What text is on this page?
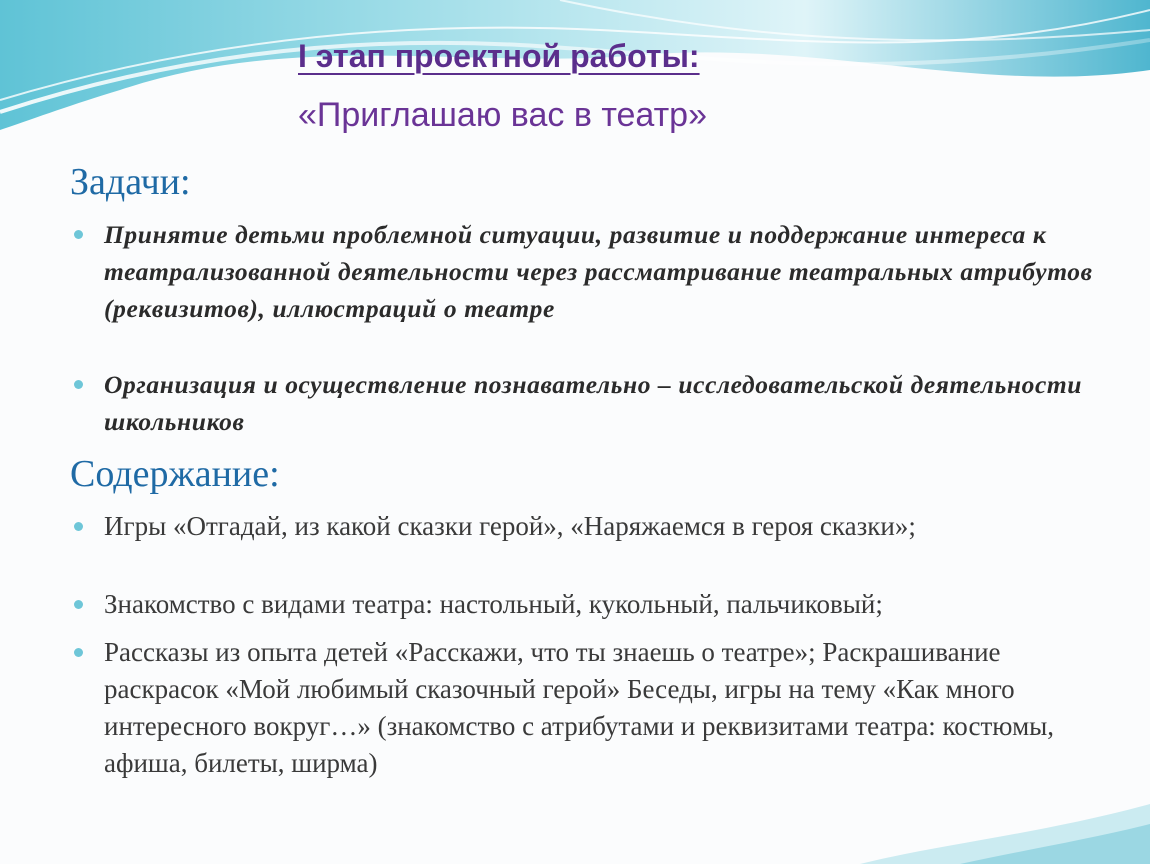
I этап проектной работы:
«Приглашаю вас в театр»
Задачи:
Принятие детьми проблемной ситуации, развитие и поддержание интереса к театрализованной деятельности через рассматривание театральных атрибутов (реквизитов), иллюстраций о театре
Организация и осуществление познавательно – исследовательской деятельности школьников
Содержание:
Игры «Отгадай, из какой сказки герой», «Наряжаемся в героя сказки»;
Знакомство с видами театра: настольный, кукольный, пальчиковый;
Рассказы из опыта детей «Расскажи, что ты знаешь о театре»; Раскрашивание раскрасок «Мой любимый сказочный герой» Беседы, игры на тему «Как много интересного вокруг…» (знакомство с атрибутами и реквизитами театра: костюмы, афиша, билеты, ширма)
